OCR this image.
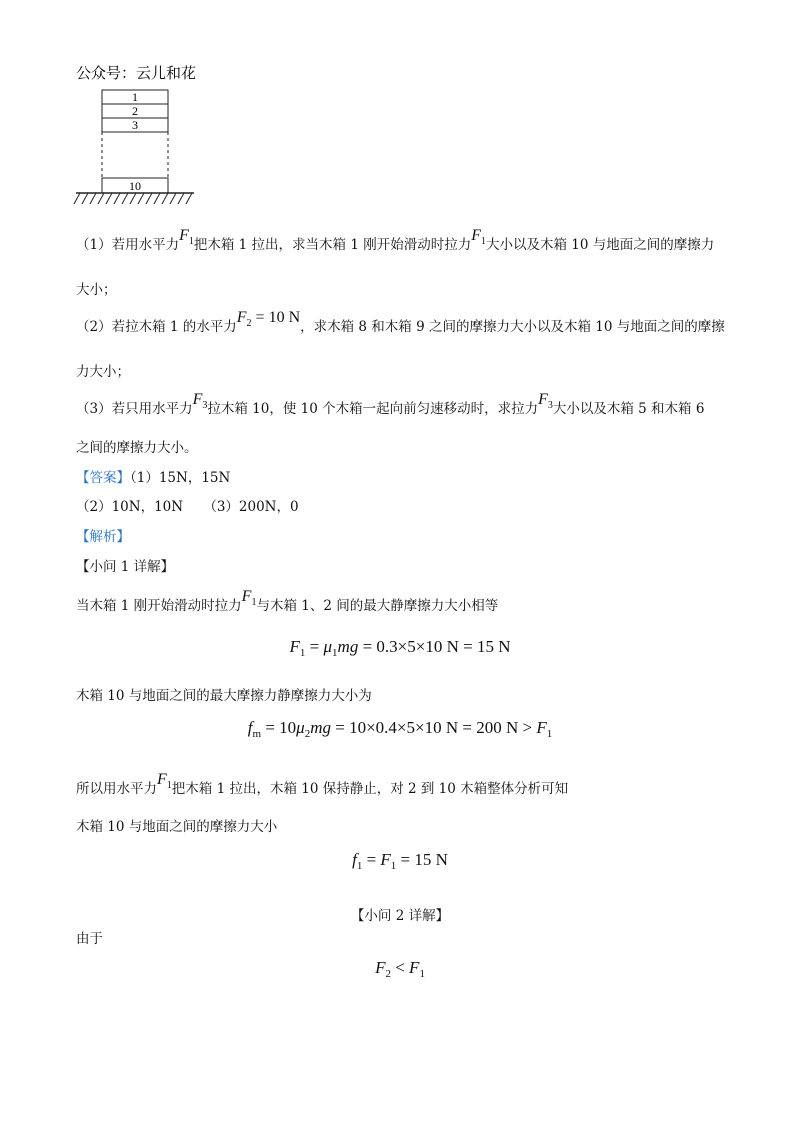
公众号：云儿和花
1
2
3
10
（1）若用水平力$F_1$把木箱 1 拉出，求当木箱 1 刚开始滑动时拉力$F_1$大小以及木箱 10 与地面之间的摩擦力
大小；
（2）若拉木箱 1 的水平力$F_2 = 10$ N，求木箱 8 和木箱 9 之间的摩擦力大小以及木箱 10 与地面之间的摩擦
力大小；
（3）若只用水平力$F_3$拉木箱 10，使 10 个木箱一起向前匀速移动时，求拉力$F_3$大小以及木箱 5 和木箱 6
之间的摩擦力大小。
【答案】（1）15N，15N
（2）10N，10N　　（3）200N，0
【解析】
【小问 1 详解】
当木箱 1 刚开始滑动时拉力$F_1$与木箱 1、2 间的最大静摩擦力大小相等
$F_1 = \mu_1mg = 0.3\times 5\times 10$ N = 15 N
木箱 10 与地面之间的最大摩擦力静摩擦力大小为
$f_m = 10\mu_2mg = 10\times 0.4\times 5\times 10$ N = 200 $N > F_1$
所以用水平力$F_1$把木箱 1 拉出，木箱 10 保持静止，对 2 到 10 木箱整体分析可知
木箱 10 与地面之间的摩擦力大小
$f_1 = F_1 = 15$ N
【小问 2 详解】
由于
$F_2 < F_1$
